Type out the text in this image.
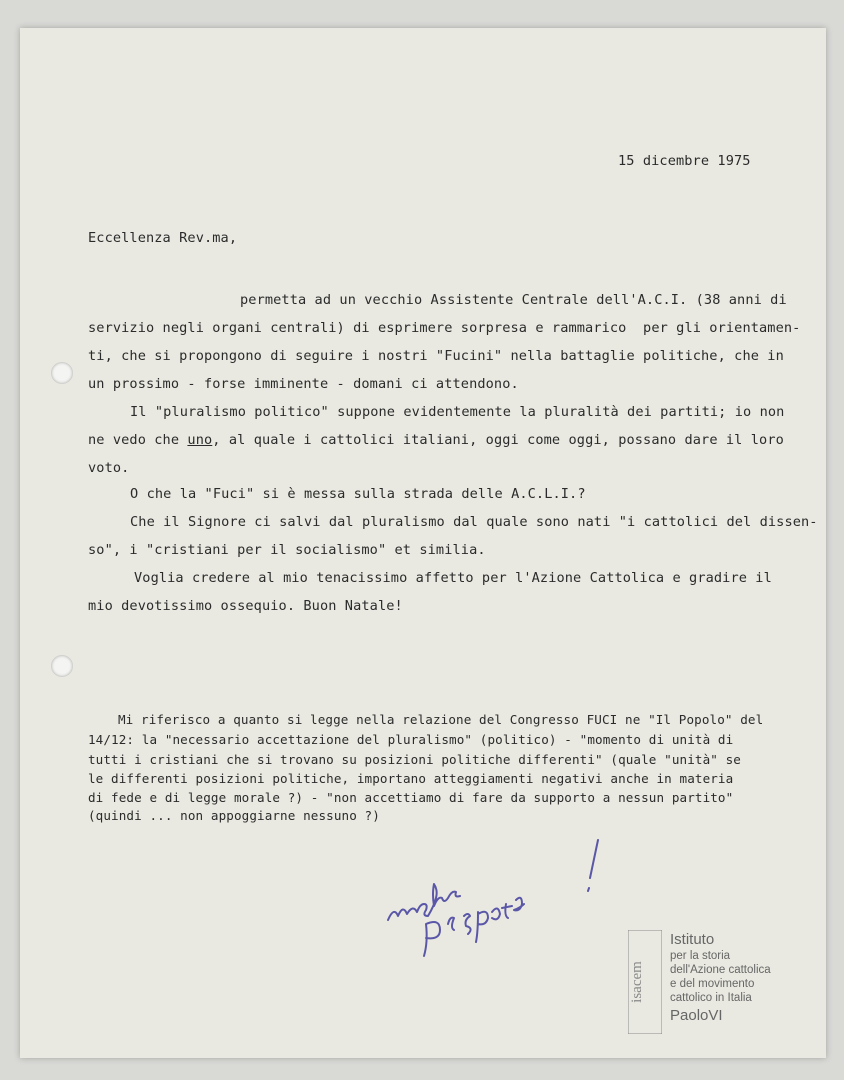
15 dicembre 1975
Eccellenza Rev.ma,
permetta ad un vecchio Assistente Centrale dell'A.C.I. (38 anni di
servizio negli organi centrali) di esprimere sorpresa e rammarico  per gli orientamen-
ti, che si propongono di seguire i nostri "Fucini" nella battaglie politiche, che in
un prossimo - forse imminente - domani ci attendono.
Il "pluralismo politico" suppone evidentemente la pluralità dei partiti; io non
ne vedo che uno, al quale i cattolici italiani, oggi come oggi, possano dare il loro
voto.
O che la "Fuci" si è messa sulla strada delle A.C.L.I.?
Che il Signore ci salvi dal pluralismo dal quale sono nati "i cattolici del dissen-
so", i "cristiani per il socialismo" et similia.
Voglia credere al mio tenacissimo affetto per l'Azione Cattolica e gradire il
mio devotissimo ossequio. Buon Natale!
Mi riferisco a quanto si legge nella relazione del Congresso FUCI ne "Il Popolo" del
14/12: la "necessario accettazione del pluralismo" (politico) - "momento di unità di
tutti i cristiani che si trovano su posizioni politiche differenti" (quale "unità" se
le differenti posizioni politiche, importano atteggiamenti negativi anche in materia
di fede e di legge morale ?) - "non accettiamo di fare da supporto a nessun partito"
(quindi ... non appoggiarne nessuno ?) nessuna risposta!
isacem
Istituto
per la storia
dell'Azione cattolica
e del movimento
cattolico in Italia
PaoloVI
